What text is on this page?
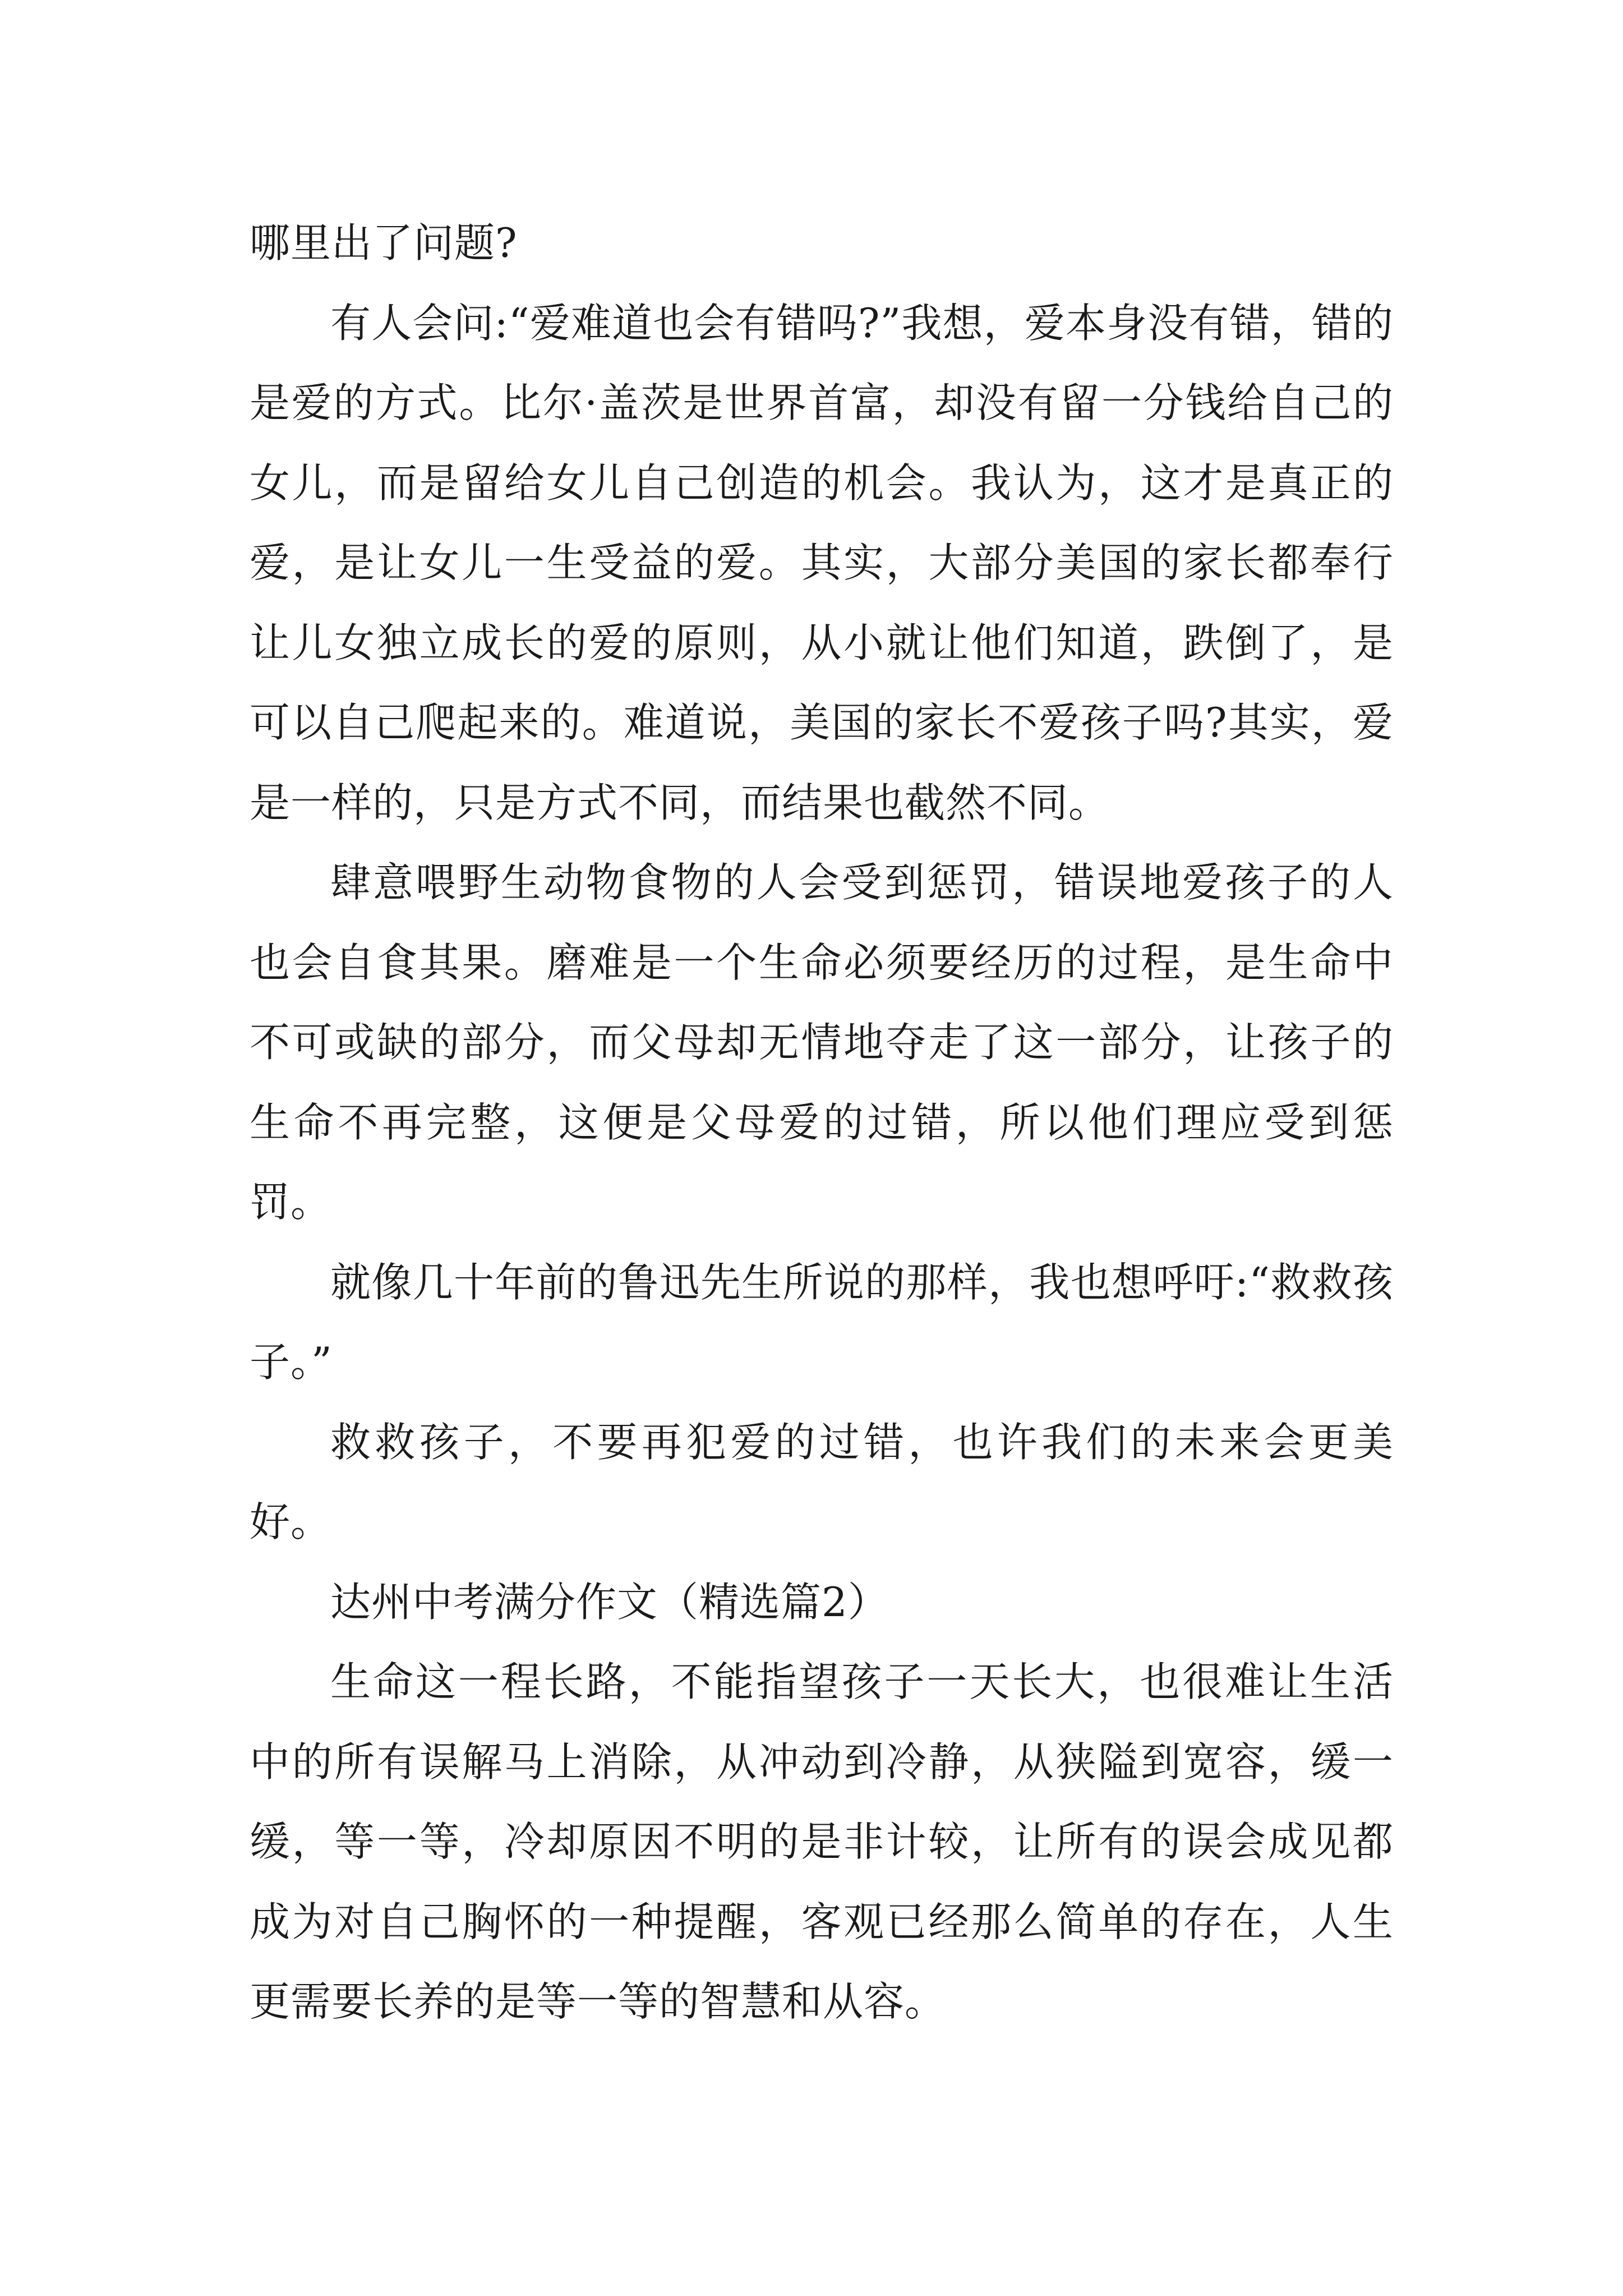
哪里出了问题?

有人会问:“爱难道也会有错吗?”我想，爱本身没有错，错的是爱的方式。比尔·盖茨是世界首富，却没有留一分钱给自己的女儿，而是留给女儿自己创造的机会。我认为，这才是真正的爱，是让女儿一生受益的爱。其实，大部分美国的家长都奉行让儿女独立成长的爱的原则，从小就让他们知道，跌倒了，是可以自己爬起来的。难道说，美国的家长不爱孩子吗?其实，爱是一样的，只是方式不同，而结果也截然不同。

肆意喂野生动物食物的人会受到惩罚，错误地爱孩子的人也会自食其果。磨难是一个生命必须要经历的过程，是生命中不可或缺的部分，而父母却无情地夺走了这一部分，让孩子的生命不再完整，这便是父母爱的过错，所以他们理应受到惩罚。

就像几十年前的鲁迅先生所说的那样，我也想呼吁:“救救孩子。”

救救孩子，不要再犯爱的过错，也许我们的未来会更美好。

达州中考满分作文（精选篇2）

生命这一程长路，不能指望孩子一天长大，也很难让生活中的所有误解马上消除，从冲动到冷静，从狭隘到宽容，缓一缓，等一等，冷却原因不明的是非计较，让所有的误会成见都成为对自己胸怀的一种提醒，客观已经那么简单的存在，人生更需要长养的是等一等的智慧和从容。
